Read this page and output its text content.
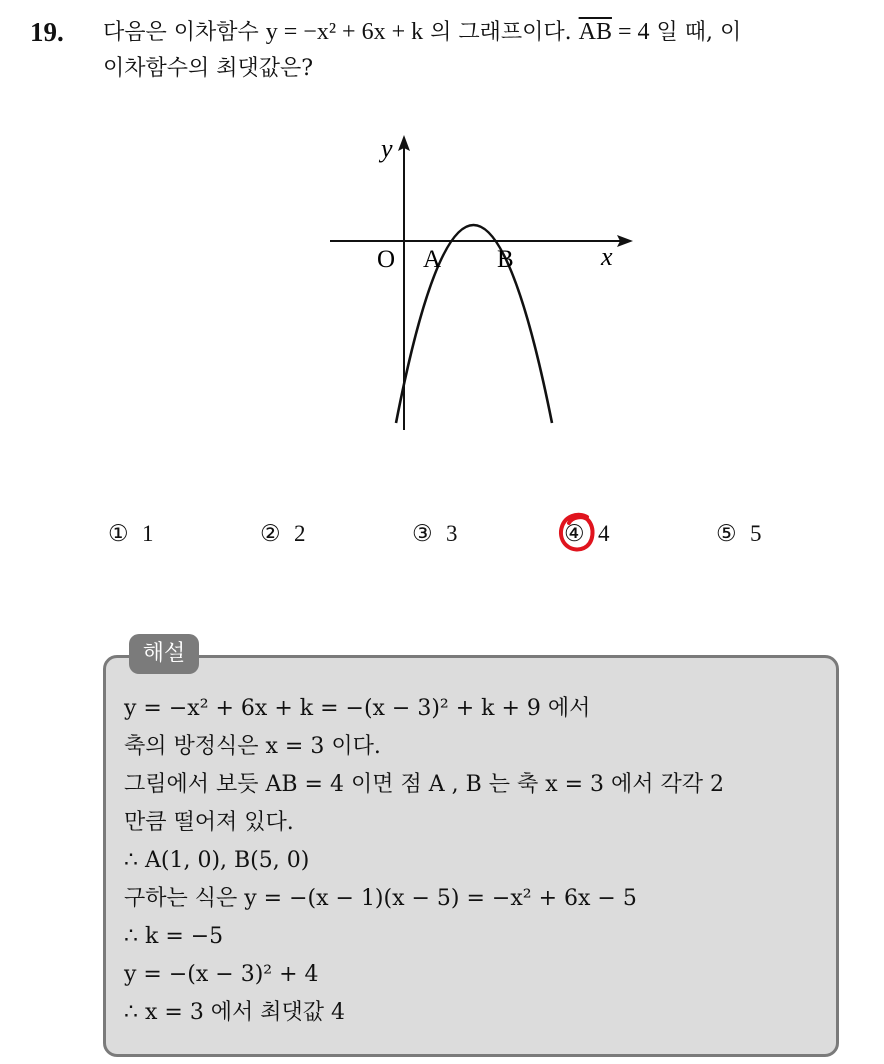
19. 다음은 이차함수 y = −x² + 6x + k 의 그래프이다. $\overline{AB} = 4$ 일 때, 이
이차함수의 최댓값은?
y
x
O A B
① 1	② 2	③ 3	④ 4	⑤ 5
해설
y = −x² + 6x + k = −(x − 3)² + k + 9 에서
축의 방정식은 x = 3 이다.
그림에서 보듯 AB = 4 이면 점 A , B 는 축 x = 3 에서 각각 2
만큼 떨어져 있다.
∴ A(1, 0), B(5, 0)
구하는 식은 y = −(x − 1)(x − 5) = −x² + 6x − 5
∴ k = −5
y = −(x − 3)² + 4
∴ x = 3 에서 최댓값 4
